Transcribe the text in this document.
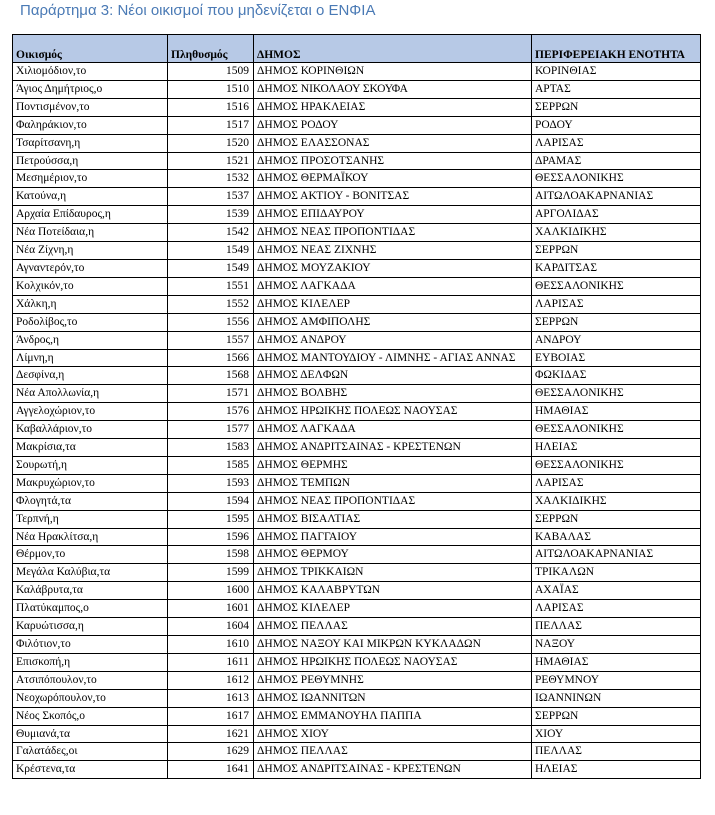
Παράρτημα 3: Νέοι οικισμοί που μηδενίζεται ο ΕΝΦΙΑ
Οικισμός	Πληθυσμός	ΔΗΜΟΣ	ΠΕΡΙΦΕΡΕΙΑΚΗ ΕΝΟΤΗΤΑ
Χιλιομόδιον,το	1509	ΔΗΜΟΣ ΚΟΡΙΝΘΙΩΝ	ΚΟΡΙΝΘΙΑΣ
Άγιος Δημήτριος,ο	1510	ΔΗΜΟΣ ΝΙΚΟΛΑΟΥ ΣΚΟΥΦΑ	ΑΡΤΑΣ
Ποντισμένον,το	1516	ΔΗΜΟΣ ΗΡΑΚΛΕΙΑΣ	ΣΕΡΡΩΝ
Φαληράκιον,το	1517	ΔΗΜΟΣ ΡΟΔΟΥ	ΡΟΔΟΥ
Τσαρίτσανη,η	1520	ΔΗΜΟΣ ΕΛΑΣΣΟΝΑΣ	ΛΑΡΙΣΑΣ
Πετρούσσα,η	1521	ΔΗΜΟΣ ΠΡΟΣΟΤΣΑΝΗΣ	ΔΡΑΜΑΣ
Μεσημέριον,το	1532	ΔΗΜΟΣ ΘΕΡΜΑΪΚΟΥ	ΘΕΣΣΑΛΟΝΙΚΗΣ
Κατούνα,η	1537	ΔΗΜΟΣ ΑΚΤΙΟΥ - ΒΟΝΙΤΣΑΣ	ΑΙΤΩΛΟΑΚΑΡΝΑΝΙΑΣ
Αρχαία Επίδαυρος,η	1539	ΔΗΜΟΣ ΕΠΙΔΑΥΡΟΥ	ΑΡΓΟΛΙΔΑΣ
Νέα Ποτείδαια,η	1542	ΔΗΜΟΣ ΝΕΑΣ ΠΡΟΠΟΝΤΙΔΑΣ	ΧΑΛΚΙΔΙΚΗΣ
Νέα Ζίχνη,η	1549	ΔΗΜΟΣ ΝΕΑΣ ΖΙΧΝΗΣ	ΣΕΡΡΩΝ
Αγναντερόν,το	1549	ΔΗΜΟΣ ΜΟΥΖΑΚΙΟΥ	ΚΑΡΔΙΤΣΑΣ
Κολχικόν,το	1551	ΔΗΜΟΣ ΛΑΓΚΑΔΑ	ΘΕΣΣΑΛΟΝΙΚΗΣ
Χάλκη,η	1552	ΔΗΜΟΣ ΚΙΛΕΛΕΡ	ΛΑΡΙΣΑΣ
Ροδολίβος,το	1556	ΔΗΜΟΣ ΑΜΦΙΠΟΛΗΣ	ΣΕΡΡΩΝ
Άνδρος,η	1557	ΔΗΜΟΣ ΑΝΔΡΟΥ	ΑΝΔΡΟΥ
Λίμνη,η	1566	ΔΗΜΟΣ ΜΑΝΤΟΥΔΙΟΥ - ΛΙΜΝΗΣ - ΑΓΙΑΣ ΑΝΝΑΣ	ΕΥΒΟΙΑΣ
Δεσφίνα,η	1568	ΔΗΜΟΣ ΔΕΛΦΩΝ	ΦΩΚΙΔΑΣ
Νέα Απολλωνία,η	1571	ΔΗΜΟΣ ΒΟΛΒΗΣ	ΘΕΣΣΑΛΟΝΙΚΗΣ
Αγγελοχώριον,το	1576	ΔΗΜΟΣ ΗΡΩΙΚΗΣ ΠΟΛΕΩΣ ΝΑΟΥΣΑΣ	ΗΜΑΘΙΑΣ
Καβαλλάριον,το	1577	ΔΗΜΟΣ ΛΑΓΚΑΔΑ	ΘΕΣΣΑΛΟΝΙΚΗΣ
Μακρίσια,τα	1583	ΔΗΜΟΣ ΑΝΔΡΙΤΣΑΙΝΑΣ - ΚΡΕΣΤΕΝΩΝ	ΗΛΕΙΑΣ
Σουρωτή,η	1585	ΔΗΜΟΣ ΘΕΡΜΗΣ	ΘΕΣΣΑΛΟΝΙΚΗΣ
Μακρυχώριον,το	1593	ΔΗΜΟΣ ΤΕΜΠΩΝ	ΛΑΡΙΣΑΣ
Φλογητά,τα	1594	ΔΗΜΟΣ ΝΕΑΣ ΠΡΟΠΟΝΤΙΔΑΣ	ΧΑΛΚΙΔΙΚΗΣ
Τερπνή,η	1595	ΔΗΜΟΣ ΒΙΣΑΛΤΙΑΣ	ΣΕΡΡΩΝ
Νέα Ηρακλίτσα,η	1596	ΔΗΜΟΣ ΠΑΓΓΑΙΟΥ	ΚΑΒΑΛΑΣ
Θέρμον,το	1598	ΔΗΜΟΣ ΘΕΡΜΟΥ	ΑΙΤΩΛΟΑΚΑΡΝΑΝΙΑΣ
Μεγάλα Καλύβια,τα	1599	ΔΗΜΟΣ ΤΡΙΚΚΑΙΩΝ	ΤΡΙΚΑΛΩΝ
Καλάβρυτα,τα	1600	ΔΗΜΟΣ ΚΑΛΑΒΡΥΤΩΝ	ΑΧΑΪΑΣ
Πλατύκαμπος,ο	1601	ΔΗΜΟΣ ΚΙΛΕΛΕΡ	ΛΑΡΙΣΑΣ
Καρυώτισσα,η	1604	ΔΗΜΟΣ ΠΕΛΛΑΣ	ΠΕΛΛΑΣ
Φιλότιον,το	1610	ΔΗΜΟΣ ΝΑΞΟΥ ΚΑΙ ΜΙΚΡΩΝ ΚΥΚΛΑΔΩΝ	ΝΑΞΟΥ
Επισκοπή,η	1611	ΔΗΜΟΣ ΗΡΩΙΚΗΣ ΠΟΛΕΩΣ ΝΑΟΥΣΑΣ	ΗΜΑΘΙΑΣ
Ατσιπόπουλον,το	1612	ΔΗΜΟΣ ΡΕΘΥΜΝΗΣ	ΡΕΘΥΜΝΟΥ
Νεοχωρόπουλον,το	1613	ΔΗΜΟΣ ΙΩΑΝΝΙΤΩΝ	ΙΩΑΝΝΙΝΩΝ
Νέος Σκοπός,ο	1617	ΔΗΜΟΣ ΕΜΜΑΝΟΥΗΛ ΠΑΠΠΑ	ΣΕΡΡΩΝ
Θυμιανά,τα	1621	ΔΗΜΟΣ ΧΙΟΥ	ΧΙΟΥ
Γαλατάδες,οι	1629	ΔΗΜΟΣ ΠΕΛΛΑΣ	ΠΕΛΛΑΣ
Κρέστενα,τα	1641	ΔΗΜΟΣ ΑΝΔΡΙΤΣΑΙΝΑΣ - ΚΡΕΣΤΕΝΩΝ	ΗΛΕΙΑΣ
